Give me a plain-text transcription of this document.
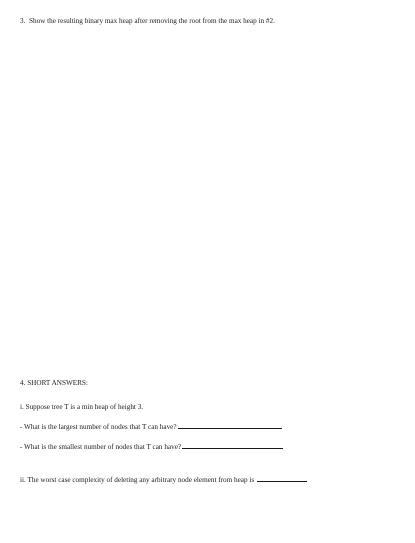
3. Show the resulting binary max heap after removing the root from the max heap in #2.
4. SHORT ANSWERS:
i. Suppose tree T is a min heap of height 3.
- What is the largest number of nodes that T can have?
- What is the smallest number of nodes that T can have?
ii. The worst case complexity of deleting any arbitrary node element from heap is
